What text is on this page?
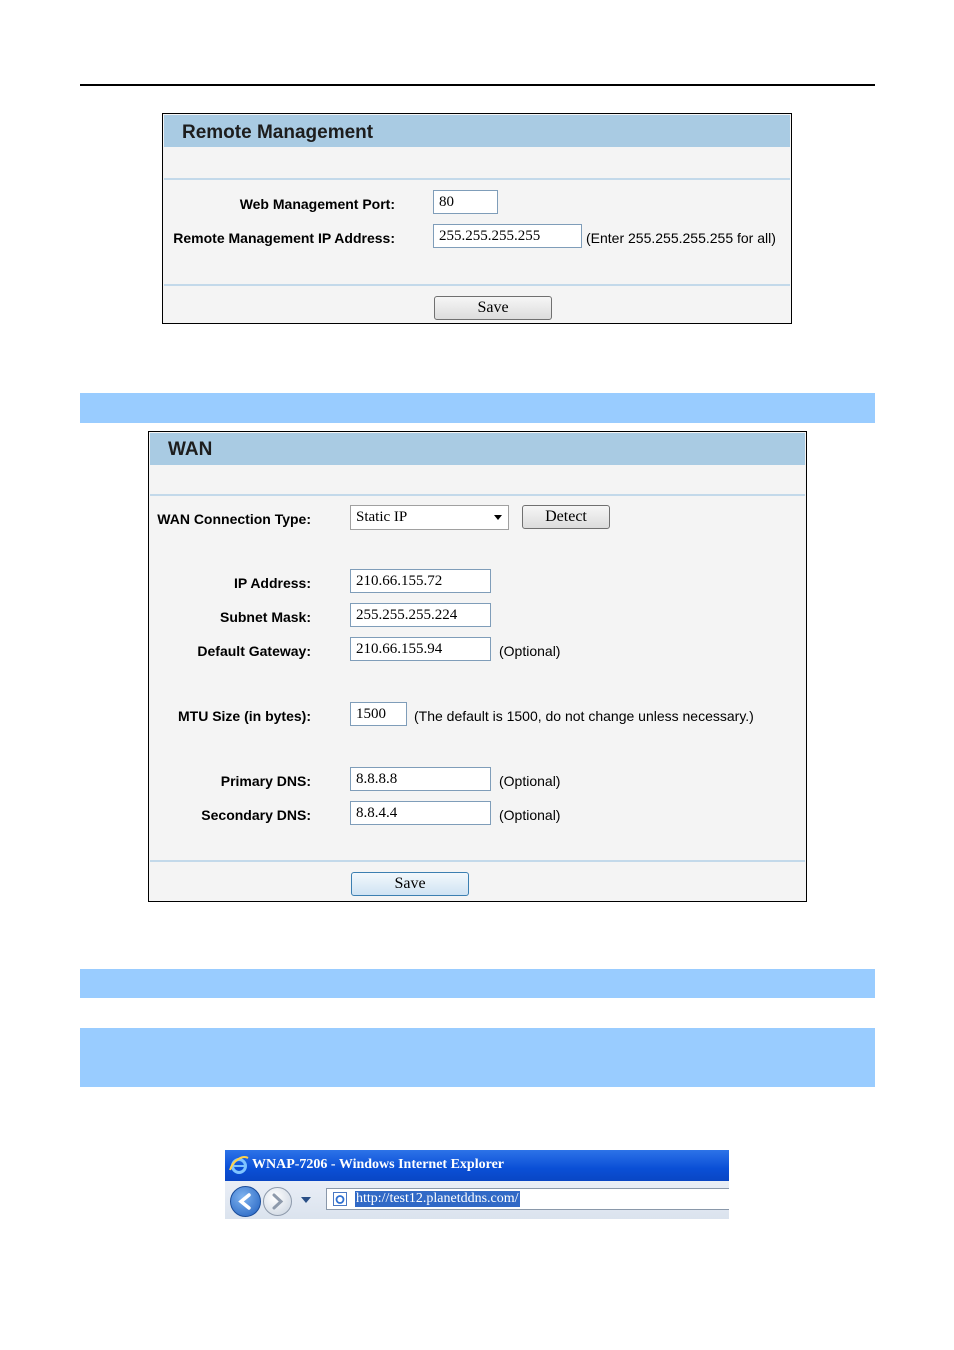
Remote Management
Web Management Port:	80
Remote Management IP Address:	255.255.255.255	(Enter 255.255.255.255 for all)
Save
WAN
WAN Connection Type:	Static IP	Detect
IP Address:	210.66.155.72
Subnet Mask:	255.255.255.224
Default Gateway:	210.66.155.94	(Optional)
MTU Size (in bytes):	1500	(The default is 1500, do not change unless necessary.)
Primary DNS:	8.8.8.8	(Optional)
Secondary DNS:	8.8.4.4	(Optional)
Save
WNAP-7206 - Windows Internet Explorer
http://test12.planetddns.com/
